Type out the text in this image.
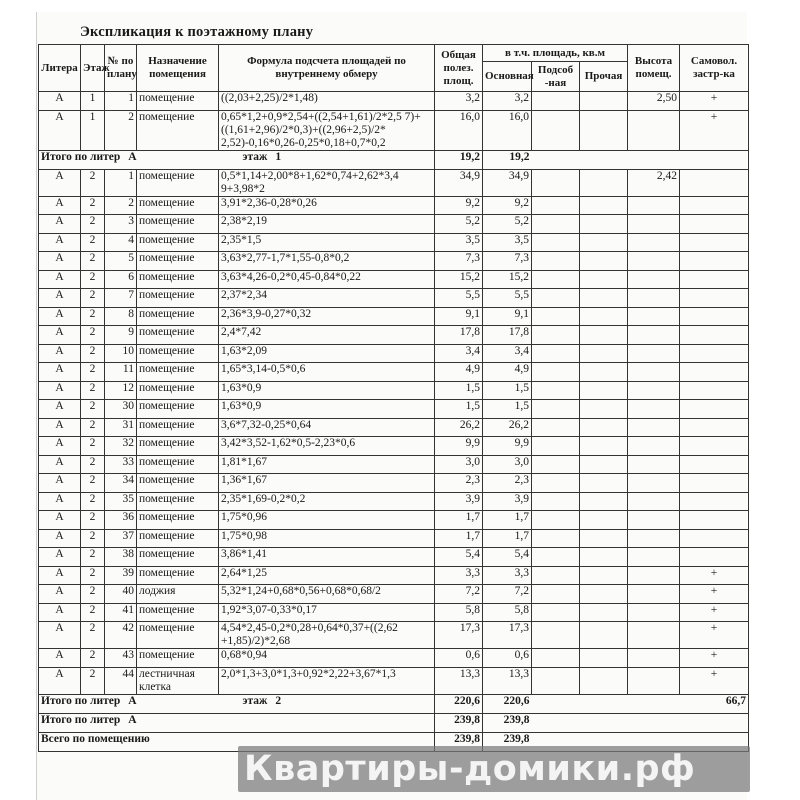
Экспликация к поэтажному плану
Литера	Этаж	№ по плану	Назначение помещения	Формула подсчета площадей по внутреннему обмеру	Общая полез. площ.	в т.ч. площадь, кв.м			Высота помещ.	Самовол. застр-ка
						Основная	Подсоб -ная	Прочая		
А	1	1	помещение	((2,03+2,25)/2*1,48)	3,2	3,2			2,50	+
А	1	2	помещение	0,65*1,2+0,9*2,54+((2,54+1,61)/2*2,5 7)+((1,61+2,96)/2*0,3)+((2,96+2,5)/2* 2,52)-0,16*0,26-0,25*0,18+0,7*0,2	16,0	16,0				+
Итого по литер А				этаж 1	19,2	19,2				
А	2	1	помещение	0,5*1,14+2,00*8+1,62*0,74+2,62*3,4 9+3,98*2	34,9	34,9			2,42	
А	2	2	помещение	3,91*2,36-0,28*0,26	9,2	9,2				
А	2	3	помещение	2,38*2,19	5,2	5,2				
А	2	4	помещение	2,35*1,5	3,5	3,5				
А	2	5	помещение	3,63*2,77-1,7*1,55-0,8*0,2	7,3	7,3				
А	2	6	помещение	3,63*4,26-0,2*0,45-0,84*0,22	15,2	15,2				
А	2	7	помещение	2,37*2,34	5,5	5,5				
А	2	8	помещение	2,36*3,9-0,27*0,32	9,1	9,1				
А	2	9	помещение	2,4*7,42	17,8	17,8				
А	2	10	помещение	1,63*2,09	3,4	3,4				
А	2	11	помещение	1,65*3,14-0,5*0,6	4,9	4,9				
А	2	12	помещение	1,63*0,9	1,5	1,5				
А	2	30	помещение	1,63*0,9	1,5	1,5				
А	2	31	помещение	3,6*7,32-0,25*0,64	26,2	26,2				
А	2	32	помещение	3,42*3,52-1,62*0,5-2,23*0,6	9,9	9,9				
А	2	33	помещение	1,81*1,67	3,0	3,0				
А	2	34	помещение	1,36*1,67	2,3	2,3				
А	2	35	помещение	2,35*1,69-0,2*0,2	3,9	3,9				
А	2	36	помещение	1,75*0,96	1,7	1,7				
А	2	37	помещение	1,75*0,98	1,7	1,7				
А	2	38	помещение	3,86*1,41	5,4	5,4				
А	2	39	помещение	2,64*1,25	3,3	3,3				+
А	2	40	лоджия	5,32*1,24+0,68*0,56+0,68*0,68/2	7,2	7,2				+
А	2	41	помещение	1,92*3,07-0,33*0,17	5,8	5,8				+
А	2	42	помещение	4,54*2,45-0,2*0,28+0,64*0,37+((2,62 +1,85)/2)*2,68	17,3	17,3				+
А	2	43	помещение	0,68*0,94	0,6	0,6				+
А	2	44	лестничная клетка	2,0*1,3+3,0*1,3+0,92*2,22+3,67*1,3	13,3	13,3				+
Итого по литер А				этаж 2	220,6	220,6				66,7
Итого по литер А					239,8	239,8				
Всего по помещению					239,8	239,8				
Квартиры-домики.рф
